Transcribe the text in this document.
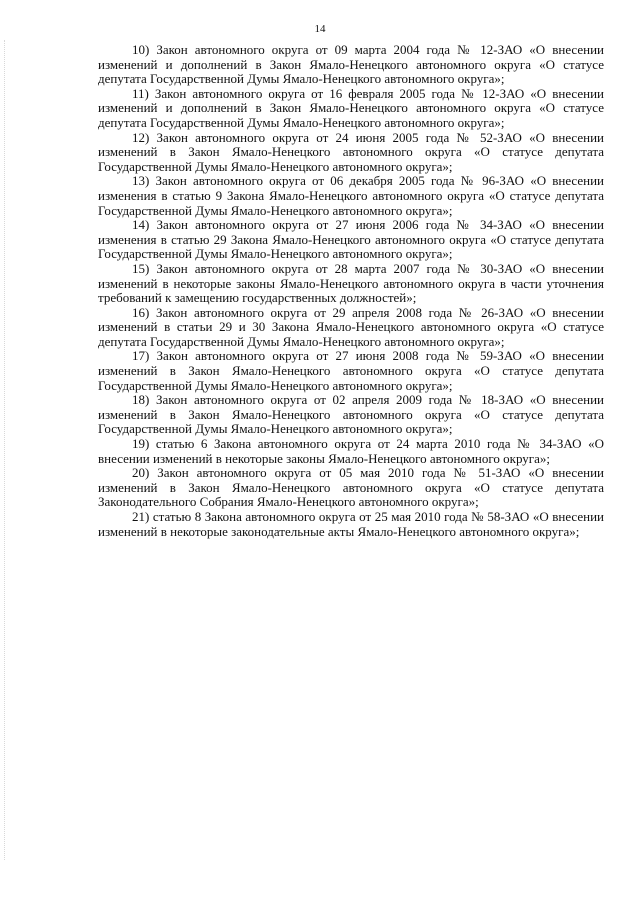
14

10) Закон автономного округа от 09 марта 2004 года № 12-ЗАО «О внесении изменений и дополнений в Закон Ямало-Ненецкого автономного округа «О статусе депутата Государственной Думы Ямало-Ненецкого автономного округа»;

11) Закон автономного округа от 16 февраля 2005 года № 12-ЗАО «О внесении изменений и дополнений в Закон Ямало-Ненецкого автономного округа «О статусе депутата Государственной Думы Ямало-Ненецкого автономного округа»;

12) Закон автономного округа от 24 июня 2005 года № 52-ЗАО «О внесении изменений в Закон Ямало-Ненецкого автономного округа «О статусе депутата Государственной Думы Ямало-Ненецкого автономного округа»;

13) Закон автономного округа от 06 декабря 2005 года № 96-ЗАО «О внесении изменения в статью 9 Закона Ямало-Ненецкого автономного округа «О статусе депутата Государственной Думы Ямало-Ненецкого автономного округа»;

14) Закон автономного округа от 27 июня 2006 года № 34-ЗАО «О внесении изменения в статью 29 Закона Ямало-Ненецкого автономного округа «О статусе депутата Государственной Думы Ямало-Ненецкого автономного округа»;

15) Закон автономного округа от 28 марта 2007 года № 30-ЗАО «О внесении изменений в некоторые законы Ямало-Ненецкого автономного округа в части уточнения требований к замещению государственных должностей»;

16) Закон автономного округа от 29 апреля 2008 года № 26-ЗАО «О внесении изменений в статьи 29 и 30 Закона Ямало-Ненецкого автономного округа «О статусе депутата Государственной Думы Ямало-Ненецкого автономного округа»;

17) Закон автономного округа от 27 июня 2008 года № 59-ЗАО «О внесении изменений в Закон Ямало-Ненецкого автономного округа «О статусе депутата Государственной Думы Ямало-Ненецкого автономного округа»;

18) Закон автономного округа от 02 апреля 2009 года № 18-ЗАО «О внесении изменений в Закон Ямало-Ненецкого автономного округа «О статусе депутата Государственной Думы Ямало-Ненецкого автономного округа»;

19) статью 6 Закона автономного округа от 24 марта 2010 года № 34-ЗАО «О внесении изменений в некоторые законы Ямало-Ненецкого автономного округа»;

20) Закон автономного округа от 05 мая 2010 года № 51-ЗАО «О внесении изменений в Закон Ямало-Ненецкого автономного округа «О статусе депутата Законодательного Собрания Ямало-Ненецкого автономного округа»;

21) статью 8 Закона автономного округа от 25 мая 2010 года № 58-ЗАО «О внесении изменений в некоторые законодательные акты Ямало-Ненецкого автономного округа»;
